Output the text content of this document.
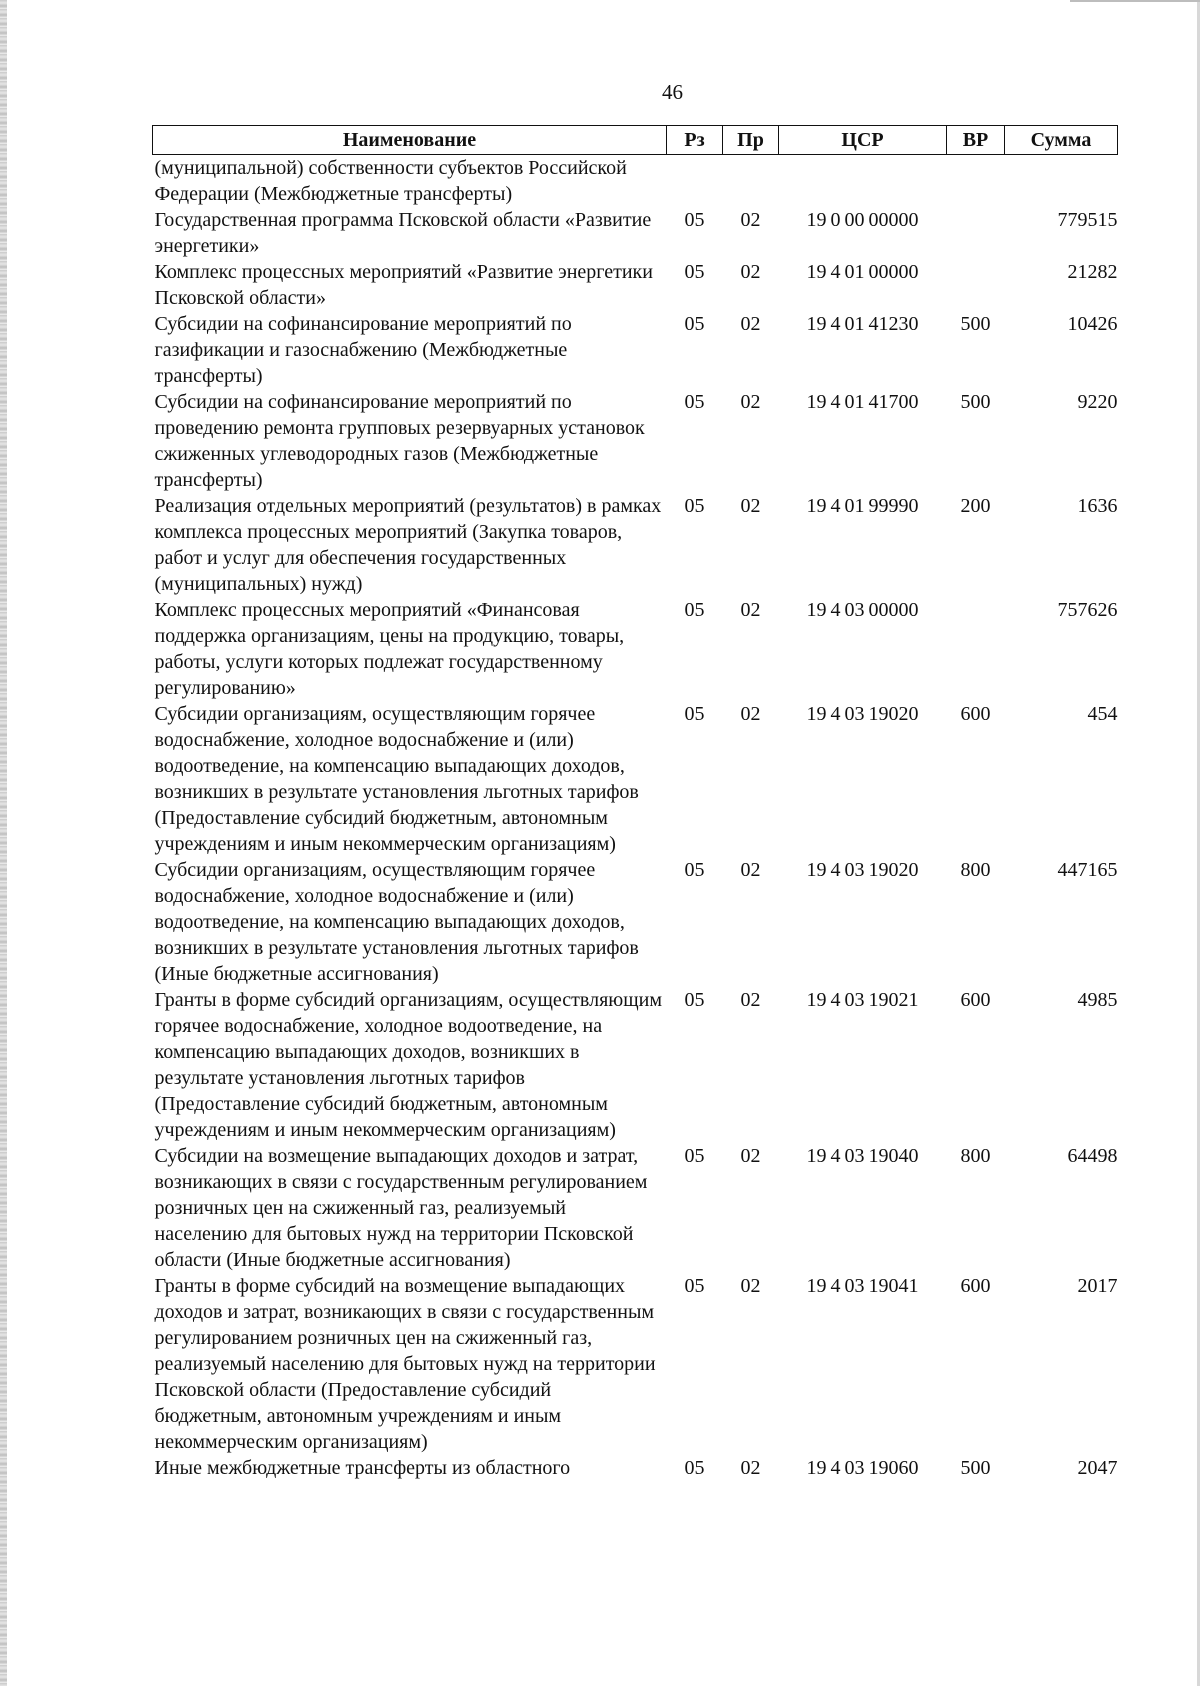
46
Наименование	Рз	Пр	ЦСР	ВР	Сумма
(муниципальной) собственности субъектов Российской Федерации (Межбюджетные трансферты)					
Государственная программа Псковской области «Развитие энергетики»	05	02	19 0 00 00000		779515
Комплекс процессных мероприятий «Развитие энергетики Псковской области»	05	02	19 4 01 00000		21282
Субсидии на софинансирование мероприятий по газификации и газоснабжению (Межбюджетные трансферты)	05	02	19 4 01 41230	500	10426
Субсидии на софинансирование мероприятий по проведению ремонта групповых резервуарных установок сжиженных углеводородных газов (Межбюджетные трансферты)	05	02	19 4 01 41700	500	9220
Реализация отдельных мероприятий (результатов) в рамках комплекса процессных мероприятий (Закупка товаров, работ и услуг для обеспечения государственных (муниципальных) нужд)	05	02	19 4 01 99990	200	1636
Комплекс процессных мероприятий «Финансовая поддержка организациям, цены на продукцию, товары, работы, услуги которых подлежат государственному регулированию»	05	02	19 4 03 00000		757626
Субсидии организациям, осуществляющим горячее водоснабжение, холодное водоснабжение и (или) водоотведение, на компенсацию выпадающих доходов, возникших в результате установления льготных тарифов (Предоставление субсидий бюджетным, автономным учреждениям и иным некоммерческим организациям)	05	02	19 4 03 19020	600	454
Субсидии организациям, осуществляющим горячее водоснабжение, холодное водоснабжение и (или) водоотведение, на компенсацию выпадающих доходов, возникших в результате установления льготных тарифов (Иные бюджетные ассигнования)	05	02	19 4 03 19020	800	447165
Гранты в форме субсидий организациям, осуществляющим горячее водоснабжение, холодное водоотведение, на компенсацию выпадающих доходов, возникших в результате установления льготных тарифов (Предоставление субсидий бюджетным, автономным учреждениям и иным некоммерческим организациям)	05	02	19 4 03 19021	600	4985
Субсидии на возмещение выпадающих доходов и затрат, возникающих в связи с государственным регулированием розничных цен на сжиженный газ, реализуемый населению для бытовых нужд на территории Псковской области (Иные бюджетные ассигнования)	05	02	19 4 03 19040	800	64498
Гранты в форме субсидий на возмещение выпадающих доходов и затрат, возникающих в связи с государственным регулированием розничных цен на сжиженный газ, реализуемый населению для бытовых нужд на территории Псковской области (Предоставление субсидий бюджетным, автономным учреждениям и иным некоммерческим организациям)	05	02	19 4 03 19041	600	2017
Иные межбюджетные трансферты из областного	05	02	19 4 03 19060	500	2047
